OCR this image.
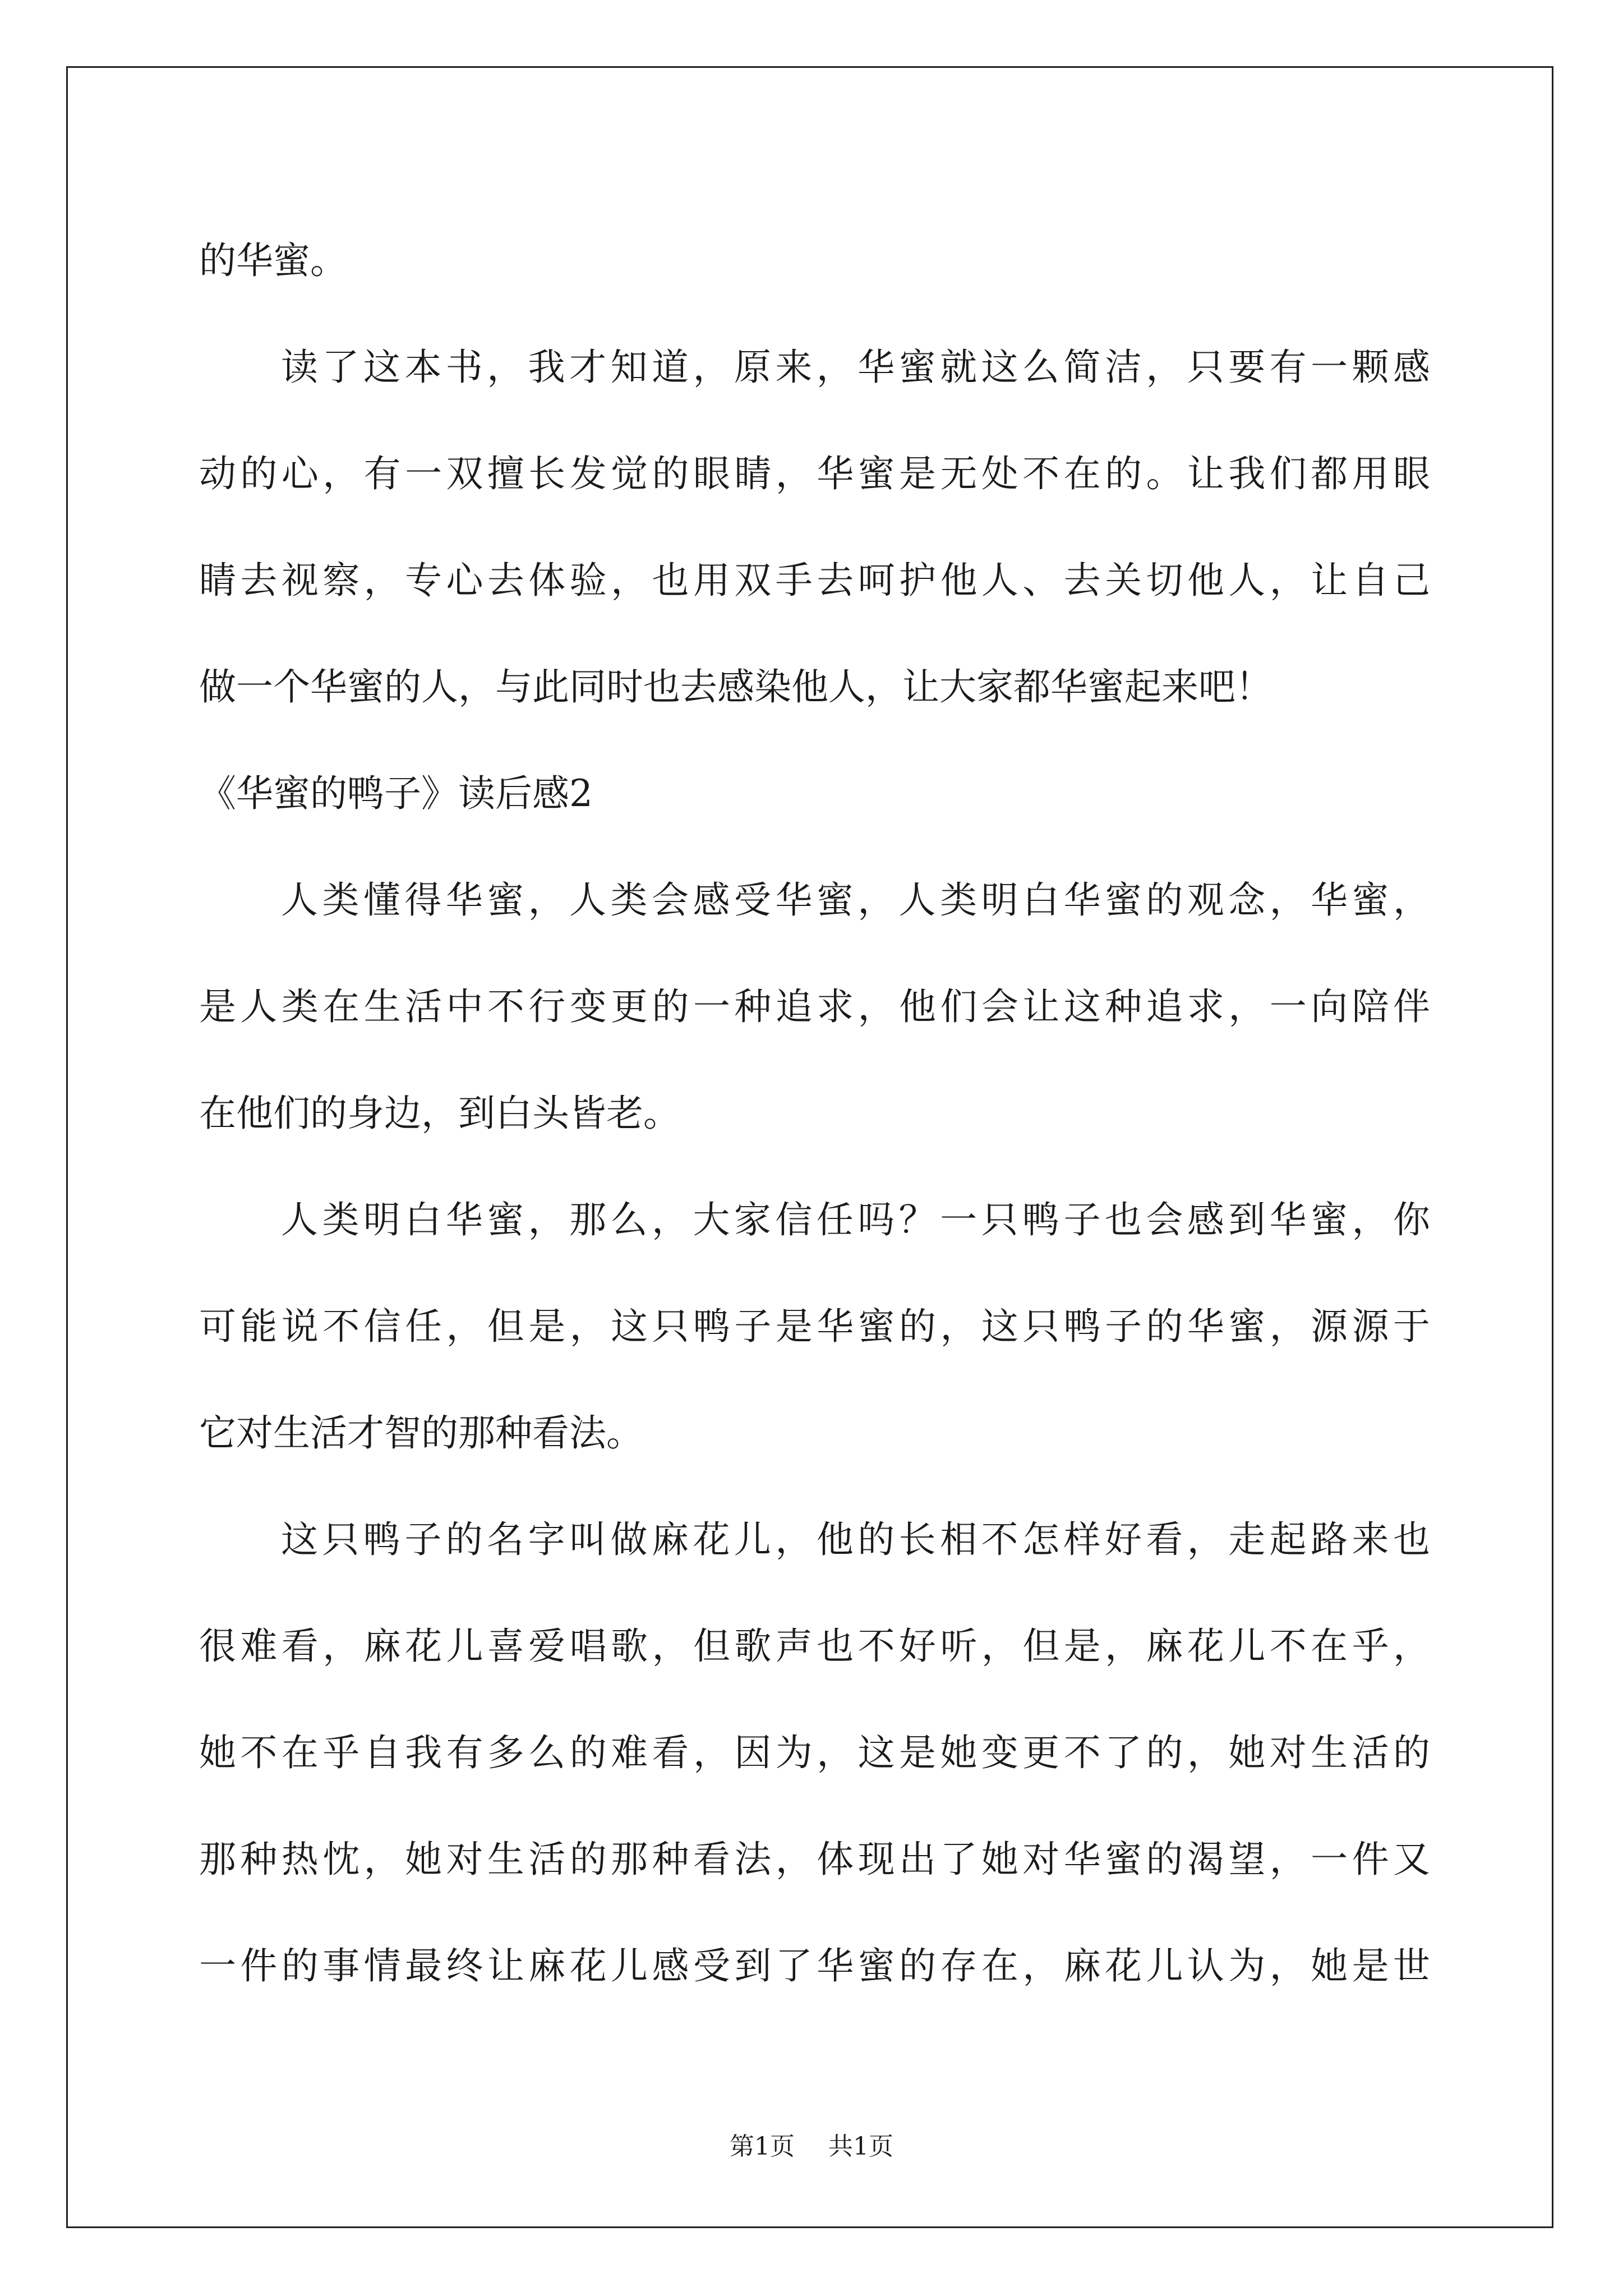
的华蜜。
读了这本书，我才知道，原来，华蜜就这么简洁，只要有一颗感
动的心，有一双擅长发觉的眼睛，华蜜是无处不在的。让我们都用眼
睛去视察，专心去体验，也用双手去呵护他人、去关切他人，让自己
做一个华蜜的人，与此同时也去感染他人，让大家都华蜜起来吧！
《华蜜的鸭子》读后感2
人类懂得华蜜，人类会感受华蜜，人类明白华蜜的观念，华蜜，
是人类在生活中不行变更的一种追求，他们会让这种追求，一向陪伴
在他们的身边，到白头皆老。
人类明白华蜜，那么，大家信任吗？一只鸭子也会感到华蜜，你
可能说不信任，但是，这只鸭子是华蜜的，这只鸭子的华蜜，源源于
它对生活才智的那种看法。
这只鸭子的名字叫做麻花儿，他的长相不怎样好看，走起路来也
很难看，麻花儿喜爱唱歌，但歌声也不好听，但是，麻花儿不在乎，
她不在乎自我有多么的难看，因为，这是她变更不了的，她对生活的
那种热忱，她对生活的那种看法，体现出了她对华蜜的渴望，一件又
一件的事情最终让麻花儿感受到了华蜜的存在，麻花儿认为，她是世
第1页 共1页
